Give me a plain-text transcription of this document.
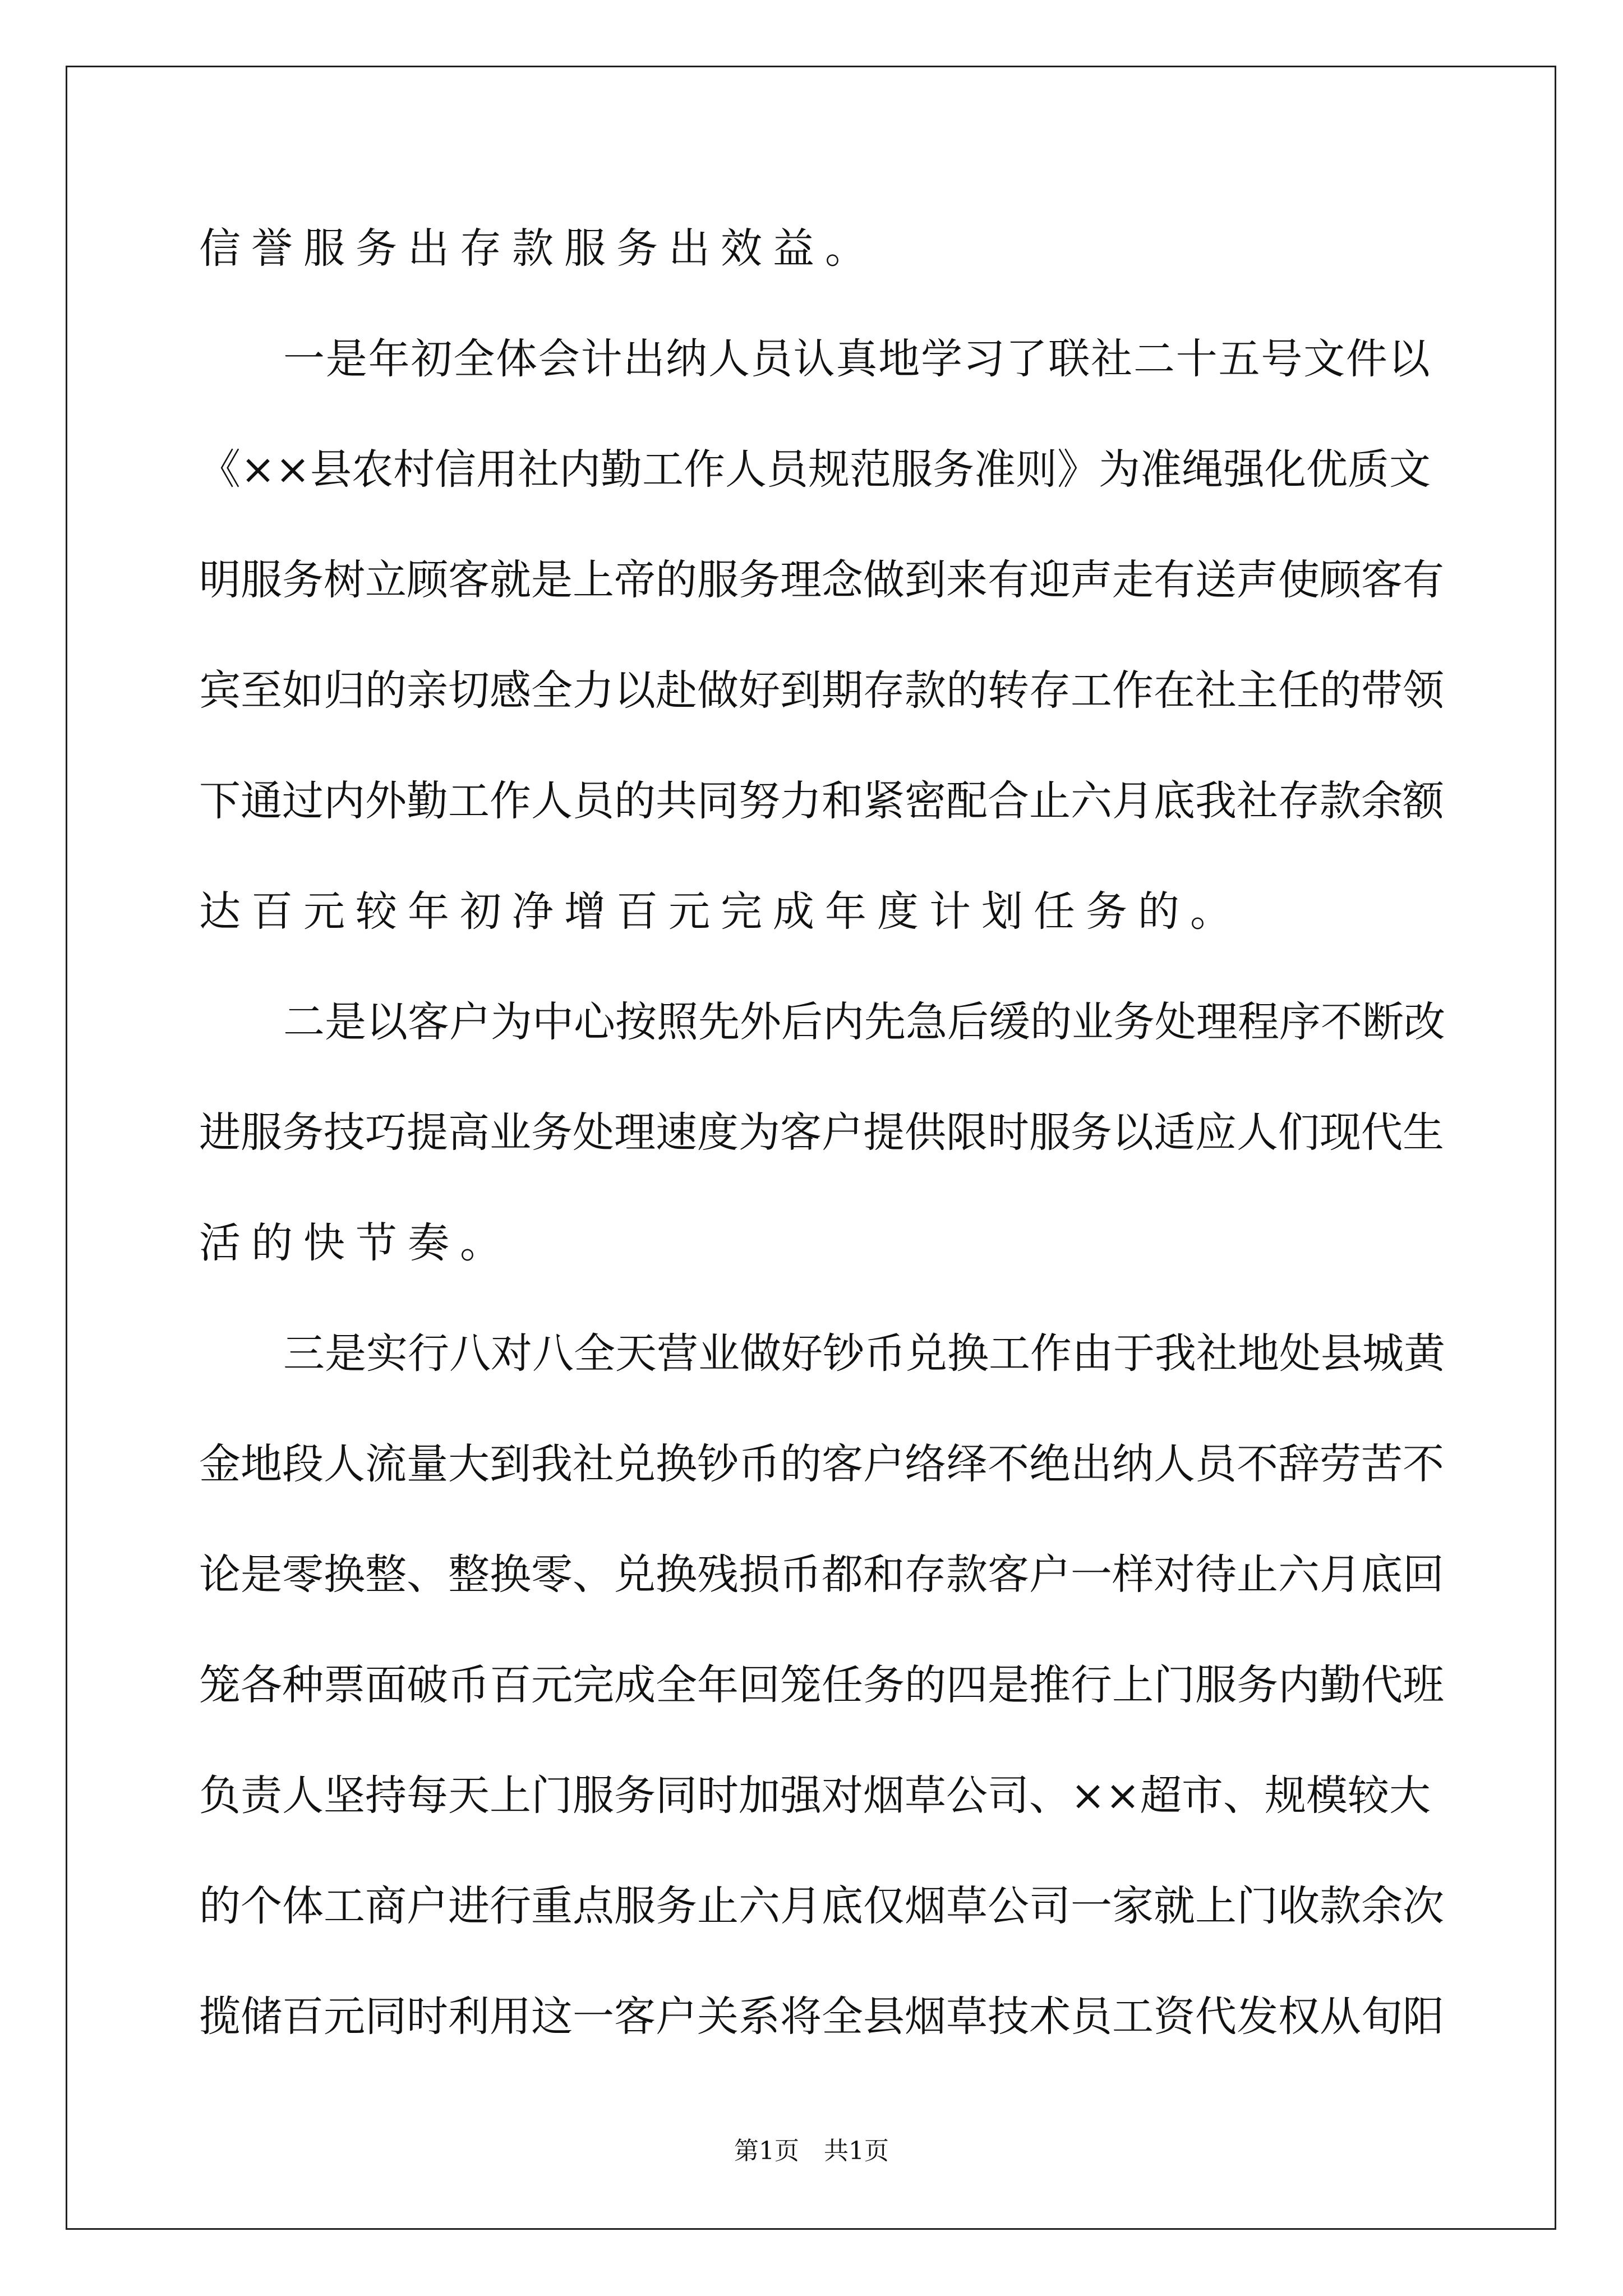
信誉服务出存款服务出效益。
一 是 年 初 全 体 会 计 出 纳 人 员 认 真 地 学 习 了 联 社 二 十 五 号 文 件 以
《 × × 县 农 村 信 用 社 内 勤 工 作 人 员 规 范 服 务 准 则 》 为 准 绳 强 化 优 质 文
明 服 务 树 立 顾 客 就 是 上 帝 的 服 务 理 念 做 到 来 有 迎 声 走 有 送 声 使 顾 客 有
宾 至 如 归 的 亲 切 感 全 力 以 赴 做 好 到 期 存 款 的 转 存 工 作 在 社 主 任 的 带 领
下 通 过 内 外 勤 工 作 人 员 的 共 同 努 力 和 紧 密 配 合 止 六 月 底 我 社 存 款 余 额
达百元较年初净增百元完成年度计划任务的。
二 是 以 客 户 为 中 心 按 照 先 外 后 内 先 急 后 缓 的 业 务 处 理 程 序 不 断 改
进 服 务 技 巧 提 高 业 务 处 理 速 度 为 客 户 提 供 限 时 服 务 以 适 应 人 们 现 代 生
活的快节奏。
三 是 实 行 八 对 八 全 天 营 业 做 好 钞 币 兑 换 工 作 由 于 我 社 地 处 县 城 黄
金 地 段 人 流 量 大 到 我 社 兑 换 钞 币 的 客 户 络 绎 不 绝 出 纳 人 员 不 辞 劳 苦 不
论 是 零 换 整 、 整 换 零 、 兑 换 残 损 币 都 和 存 款 客 户 一 样 对 待 止 六 月 底 回
笼 各 种 票 面 破 币 百 元 完 成 全 年 回 笼 任 务 的 四 是 推 行 上 门 服 务 内 勤 代 班
负 责 人 坚 持 每 天 上 门 服 务 同 时 加 强 对 烟 草 公 司 、 × × 超 市 、 规 模 较 大
的 个 体 工 商 户 进 行 重 点 服 务 止 六 月 底 仅 烟 草 公 司 一 家 就 上 门 收 款 余 次
揽 储 百 元 同 时 利 用 这 一 客 户 关 系 将 全 县 烟 草 技 术 员 工 资 代 发 权 从 旬 阳
第1页　共1页
